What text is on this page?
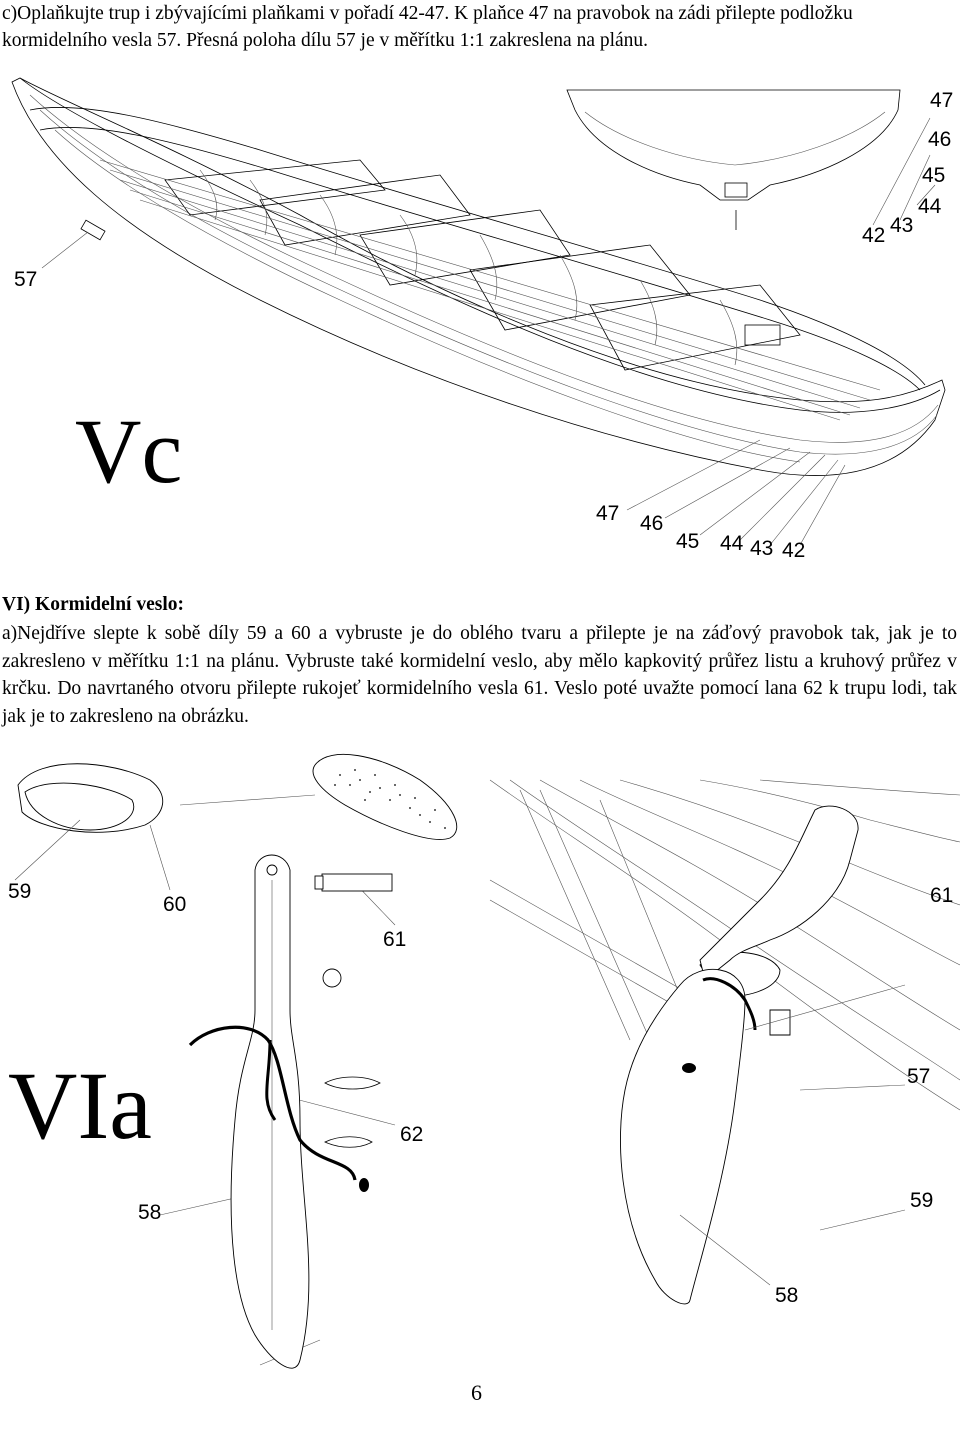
c)Oplaňkujte trup i zbývajícími plaňkami v pořadí 42-47. K plaňce 47 na pravobok na zádi přilepte podložku kormidelního vesla 57. Přesná poloha dílu 57 je v měřítku 1:1 zakreslena na plánu.
47
46
45
44
43
42
57
Vc
47 46
45 44 43 42
VI) Kormidelní veslo:
a)Nejdříve slepte k sobě díly 59 a 60 a vybruste je do oblého tvaru a přilepte je na záďový pravobok tak, jak je to zakresleno v měřítku 1:1 na plánu. Vybruste také kormidelní veslo, aby mělo kapkovitý průřez listu a kruhový průřez v krčku. Do navrtaného otvoru přilepte rukojeť kormidelního vesla 61. Veslo poté uvažte pomocí lana 62 k trupu lodi, tak jak je to zakresleno na obrázku.
59
60
61
62
58
VIa
61
57
59
58
6
